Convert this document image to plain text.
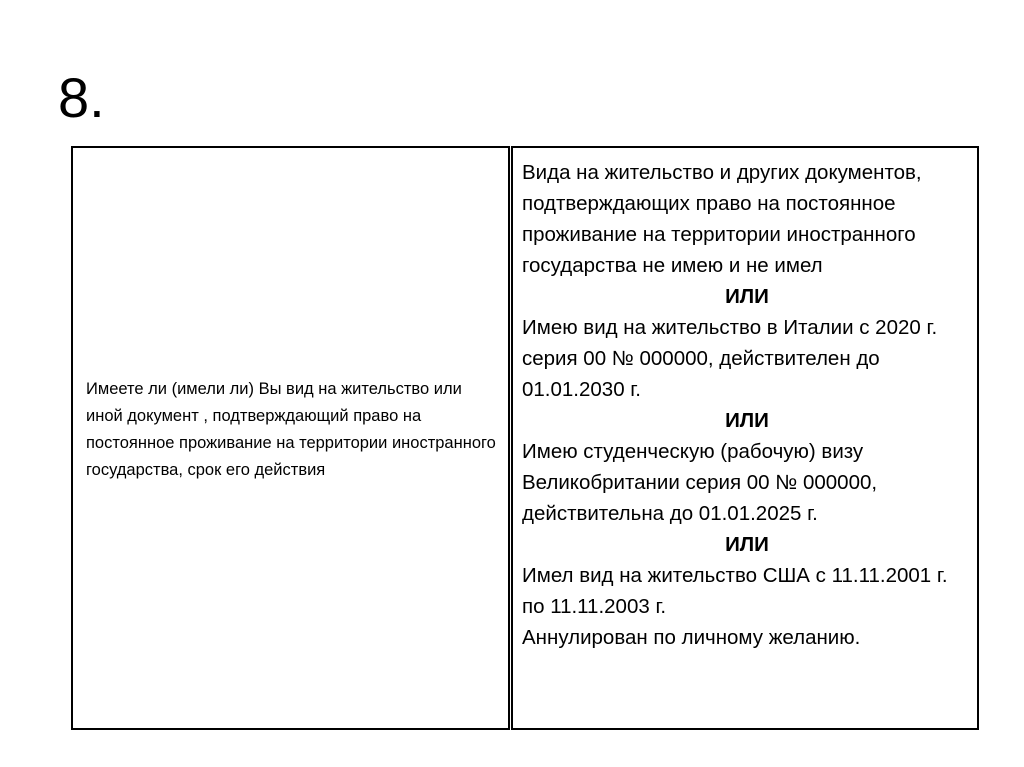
8.
Имеете ли (имели ли) Вы вид на жительство или иной документ , подтверждающий право на постоянное проживание на территории иностранного государства, срок его действия

Вида на жительство и других документов, подтверждающих право на постоянное проживание на территории иностранного государства не имею и не имел

ИЛИ

Имею вид на жительство в Италии с 2020 г. серия 00 № 000000, действителен до 01.01.2030 г.

ИЛИ

Имею студенческую (рабочую) визу Великобритании серия 00 № 000000, действительна до 01.01.2025 г.

ИЛИ

Имел вид на жительство США с 11.11.2001 г. по 11.11.2003 г.

Аннулирован по личному желанию.
